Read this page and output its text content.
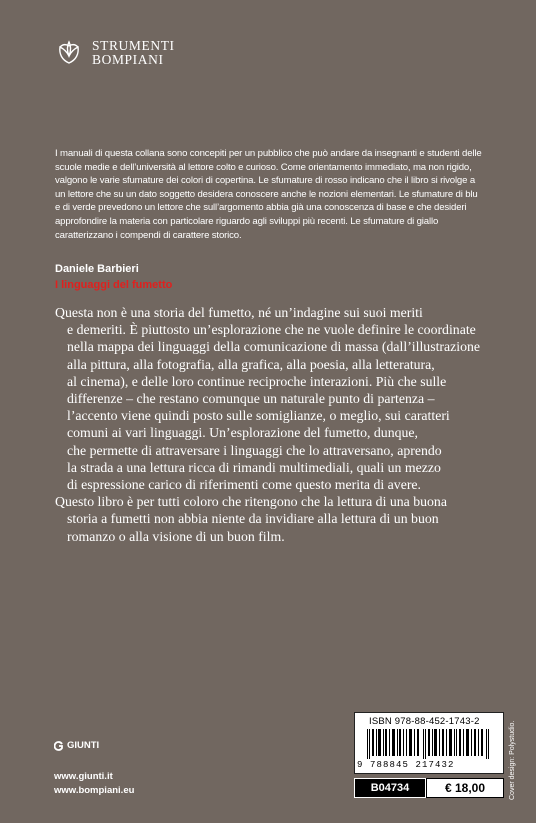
STRUMENTI
BOMPIANI
I manuali di questa collana sono concepiti per un pubblico che può andare da insegnanti e studenti delle scuole medie e dell’università al lettore colto e curioso. Come orientamento immediato, ma non rigido, valgono le varie sfumature dei colori di copertina. Le sfumature di rosso indicano che il libro si rivolge a un lettore che su un dato soggetto desidera conoscere anche le nozioni elementari. Le sfumature di blu e di verde prevedono un lettore che sull’argomento abbia già una conoscenza di base e che desideri approfondire la materia con particolare riguardo agli sviluppi più recenti. Le sfumature di giallo caratterizzano i compendi di carattere storico.
Daniele Barbieri
I linguaggi del fumetto

Questa non è una storia del fumetto, né un’indagine sui suoi meriti

e demeriti. È piuttosto un’esplorazione che ne vuole definire le coordinate

nella mappa dei linguaggi della comunicazione di massa (dall’illustrazione

alla pittura, alla fotografia, alla grafica, alla poesia, alla letteratura,

al cinema), e delle loro continue reciproche interazioni. Più che sulle

differenze – che restano comunque un naturale punto di partenza –

l’accento viene quindi posto sulle somiglianze, o meglio, sui caratteri

comuni ai vari linguaggi. Un’esplorazione del fumetto, dunque,

che permette di attraversare i linguaggi che lo attraversano, aprendo

la strada a una lettura ricca di rimandi multimediali, quali un mezzo

di espressione carico di riferimenti come questo merita di avere.

Questo libro è per tutti coloro che ritengono che la lettura di una buona

storia a fumetti non abbia niente da invidiare alla lettura di un buon

romanzo o alla visione di un buon film.

GIUNTI
www.giunti.it
www.bompiani.eu
ISBN 978-88-452-1743-2
9 788845 217432
B04734	€ 18,00	Cover design: Polystudio.
